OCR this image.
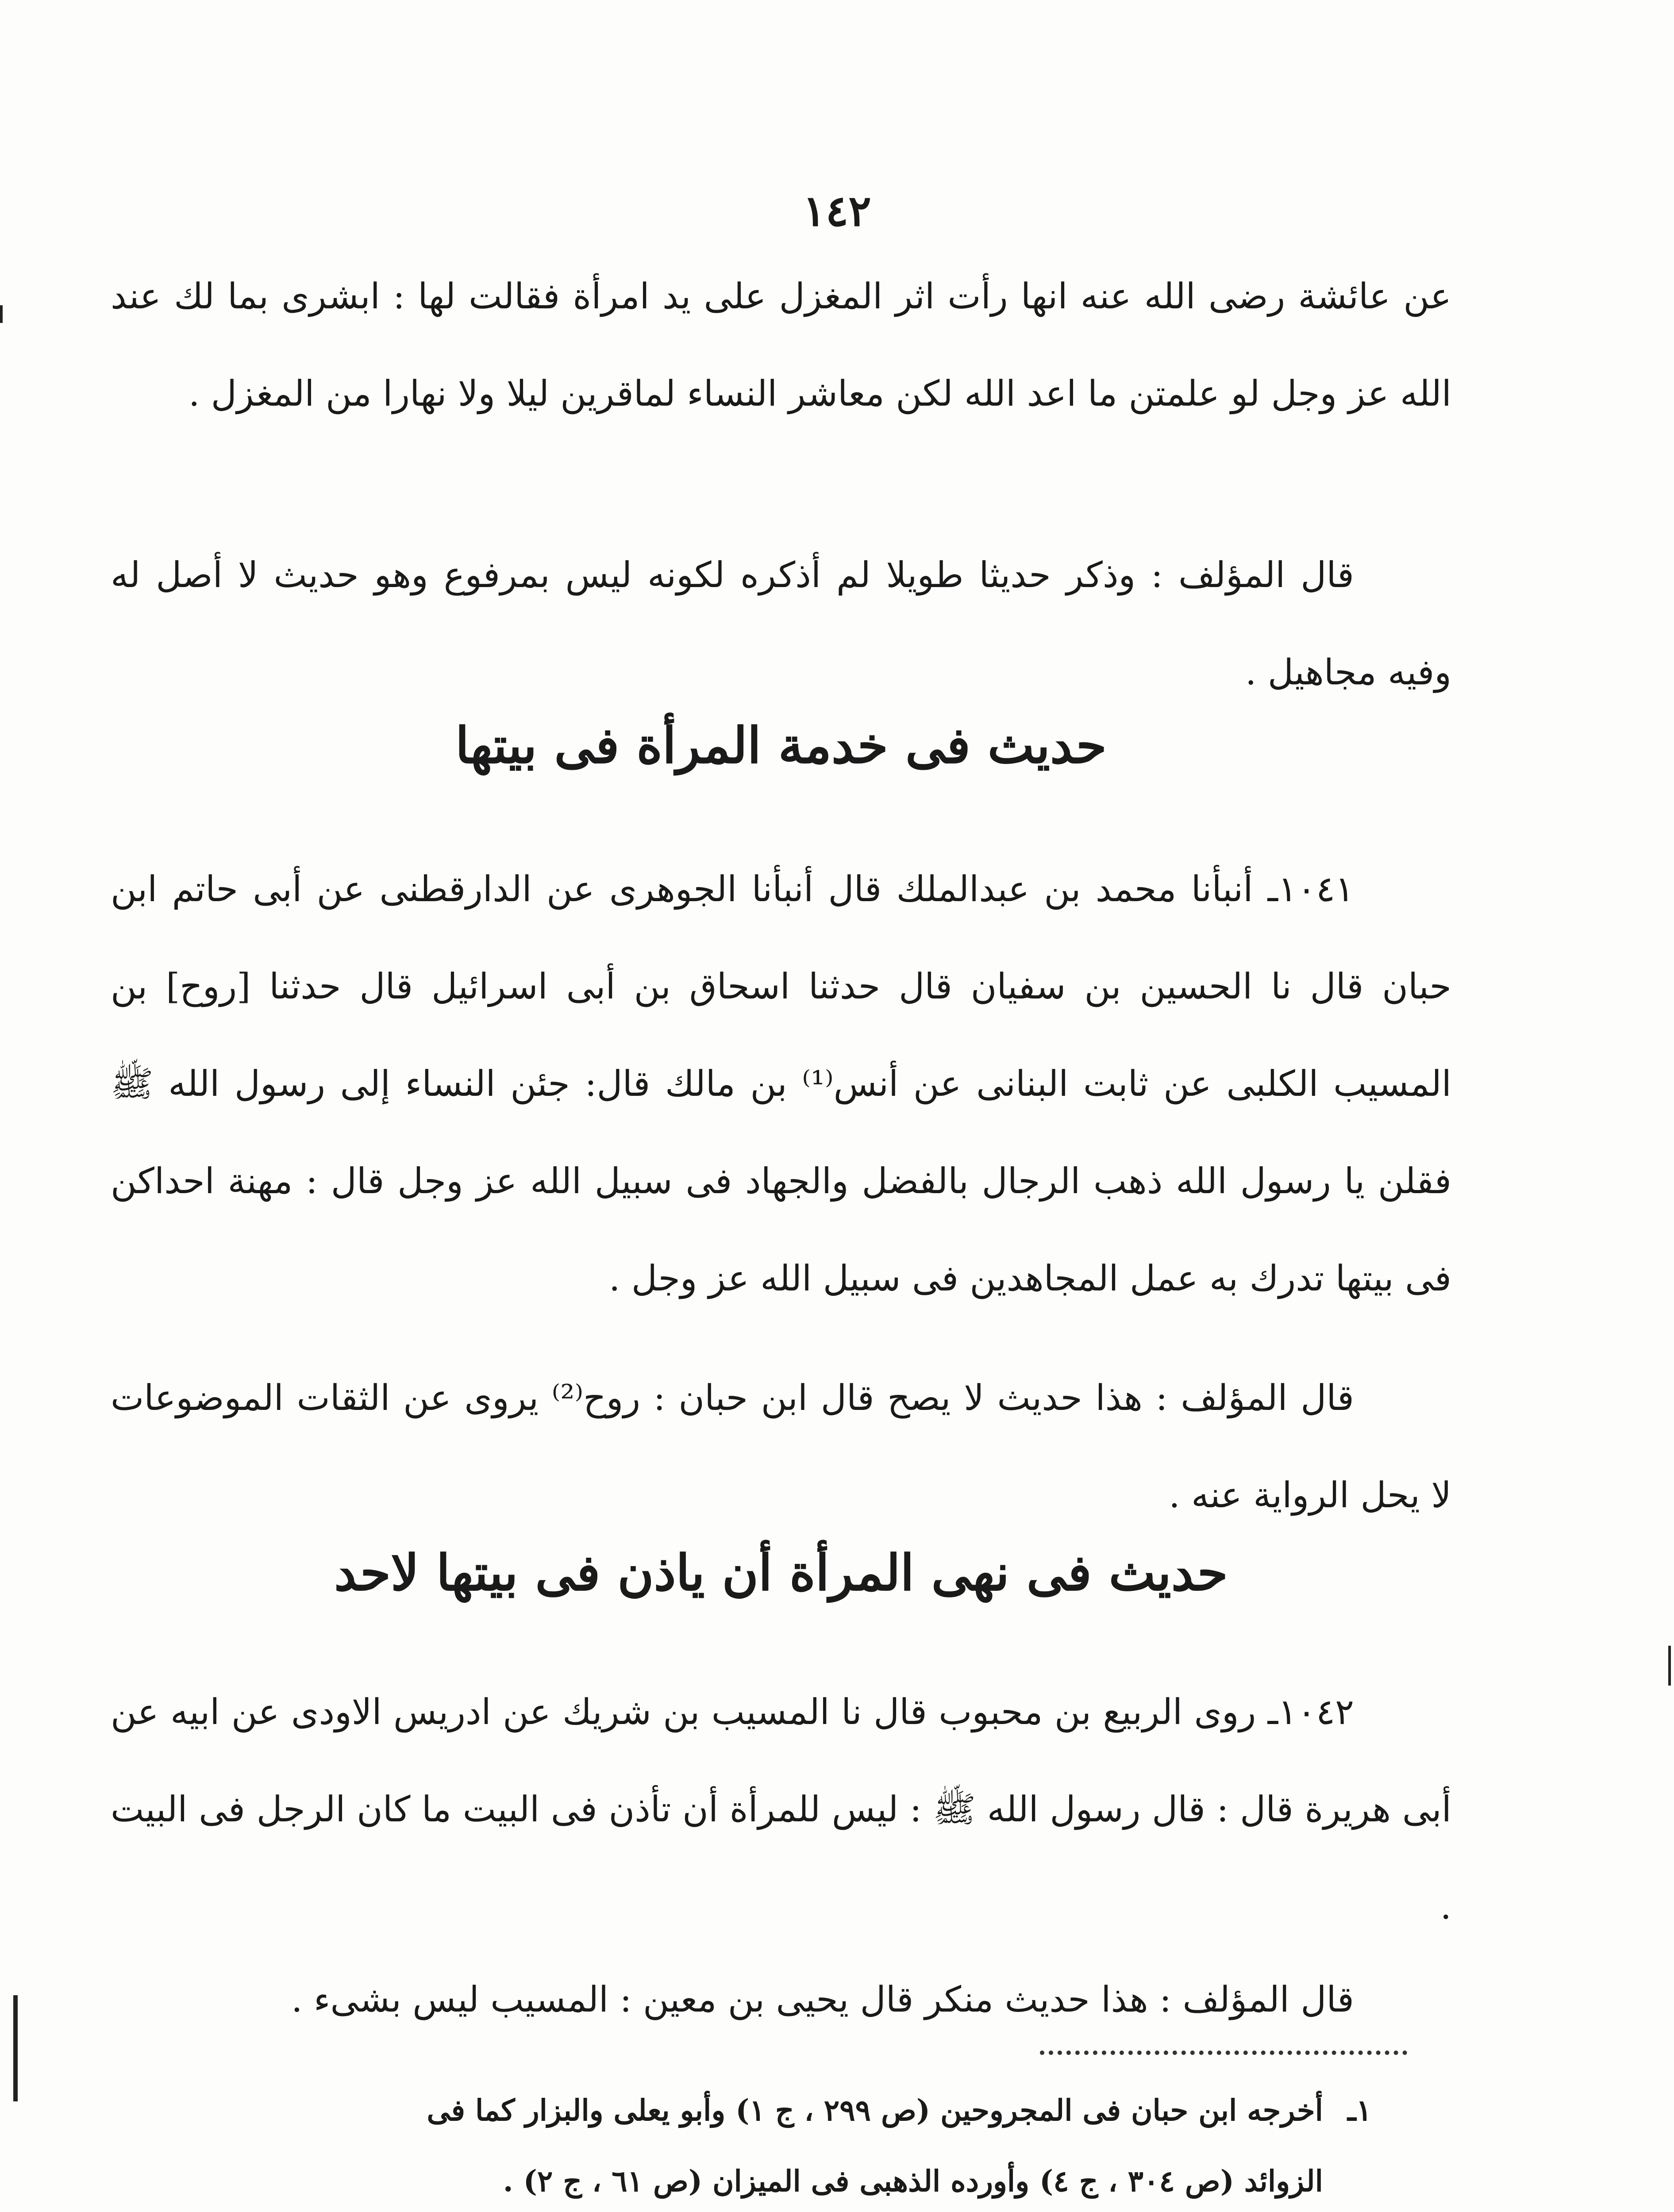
١٤٢

عن عائشة رضى الله عنه انها رأت اثر المغزل على يد امرأة فقالت لها : ابشرى بما لك عند الله عز وجل لو علمتن ما اعد الله لكن معاشر النساء لماقرين ليلا ولا نهارا من المغزل .

قال المؤلف : وذكر حديثا طويلا لم أذكره لكونه ليس بمرفوع وهو حديث لا أصل له وفيه مجاهيل .

حديث فى خدمة المرأة فى بيتها

١٠٤١ـ أنبأنا محمد بن عبدالملك قال أنبأنا الجوهرى عن الدارقطنى عن أبى حاتم ابن حبان قال نا الحسين بن سفيان قال حدثنا اسحاق بن أبى اسرائيل قال حدثنا [روح] بن المسيب الكلبى عن ثابت البنانى عن أنس⁽¹⁾ بن مالك قال: جئن النساء إلى رسول الله ﷺ فقلن يا رسول الله ذهب الرجال بالفضل والجهاد فى سبيل الله عز وجل قال : مهنة احداكن فى بيتها تدرك به عمل المجاهدين فى سبيل الله عز وجل .

قال المؤلف : هذا حديث لا يصح قال ابن حبان : روح⁽²⁾ يروى عن الثقات الموضوعات لا يحل الرواية عنه .

حديث فى نهى المرأة أن ياذن فى بيتها لاحد

١٠٤٢ـ روى الربيع بن محبوب قال نا المسيب بن شريك عن ادريس الاودى عن ابيه عن أبى هريرة قال : قال رسول الله ﷺ : ليس للمرأة أن تأذن فى البيت ما كان الرجل فى البيت .

قال المؤلف : هذا حديث منكر قال يحيى بن معين : المسيب ليس بشىء .

١ـأخرجه ابن حبان فى المجروحين (ص ٢٩٩ ، ج ١) وأبو يعلى والبزار كما فى

الزوائد (ص ٣٠٤ ، ج ٤) وأورده الذهبى فى الميزان (ص ٦١ ، ج ٢) .
